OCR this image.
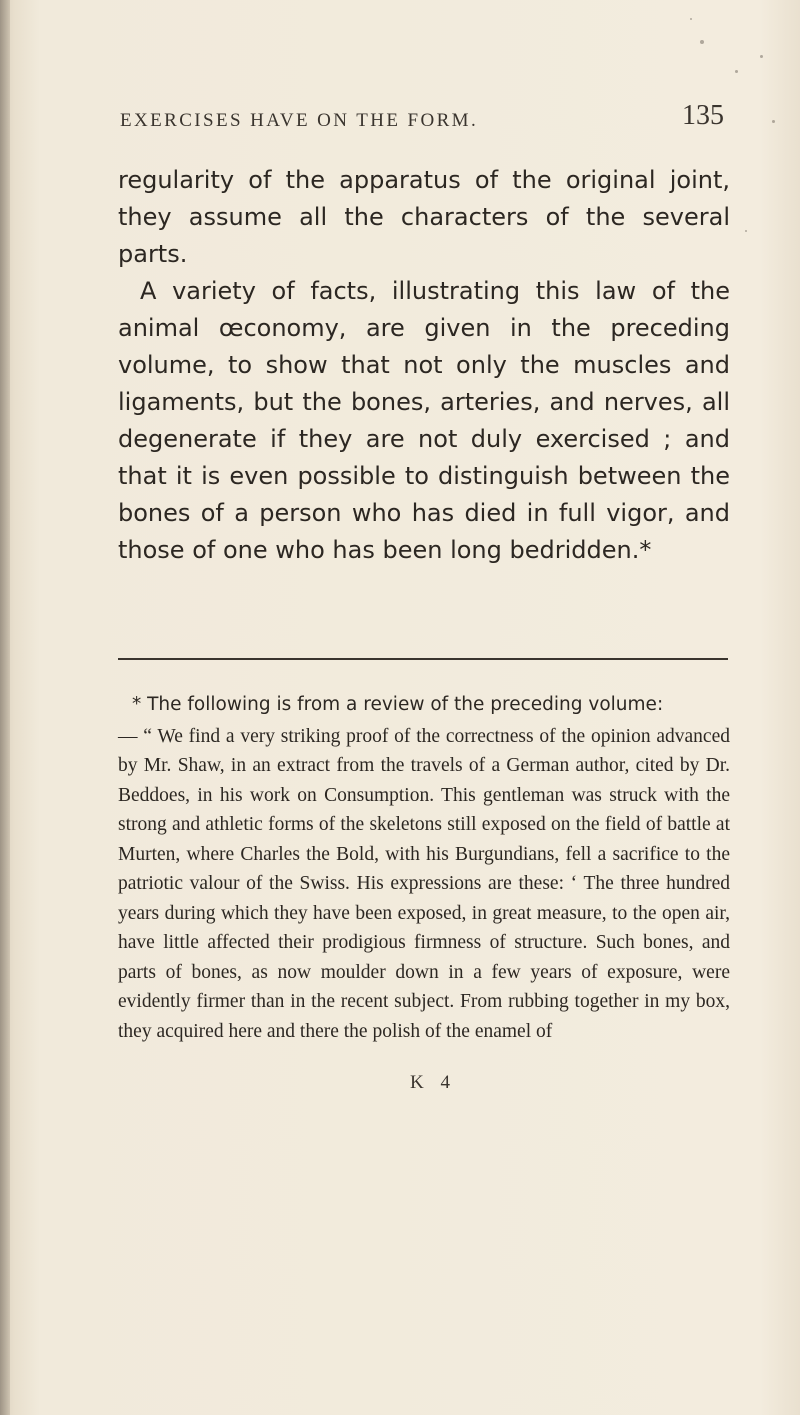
EXERCISES HAVE ON THE FORM.	135

regularity of the apparatus of the original joint, they assume all the characters of the several parts.

A variety of facts, illustrating this law of the animal œconomy, are given in the preceding volume, to show that not only the muscles and ligaments, but the bones, arteries, and nerves, all degenerate if they are not duly exercised ; and that it is even possible to distinguish between the bones of a person who has died in full vigor, and those of one who has been long bedridden.*

* The following is from a review of the preceding volume:

— “ We find a very striking proof of the correctness of the opinion advanced by Mr. Shaw, in an extract from the travels of a German author, cited by Dr. Beddoes, in his work on Consumption. This gentleman was struck with the strong and athletic forms of the skeletons still exposed on the field of battle at Murten, where Charles the Bold, with his Burgundians, fell a sacrifice to the patriotic valour of the Swiss. His expressions are these: ‘ The three hundred years during which they have been exposed, in great measure, to the open air, have little affected their prodigious firmness of structure. Such bones, and parts of bones, as now moulder down in a few years of exposure, were evidently firmer than in the recent subject. From rubbing together in my box, they acquired here and there the polish of the enamel of

K 4
